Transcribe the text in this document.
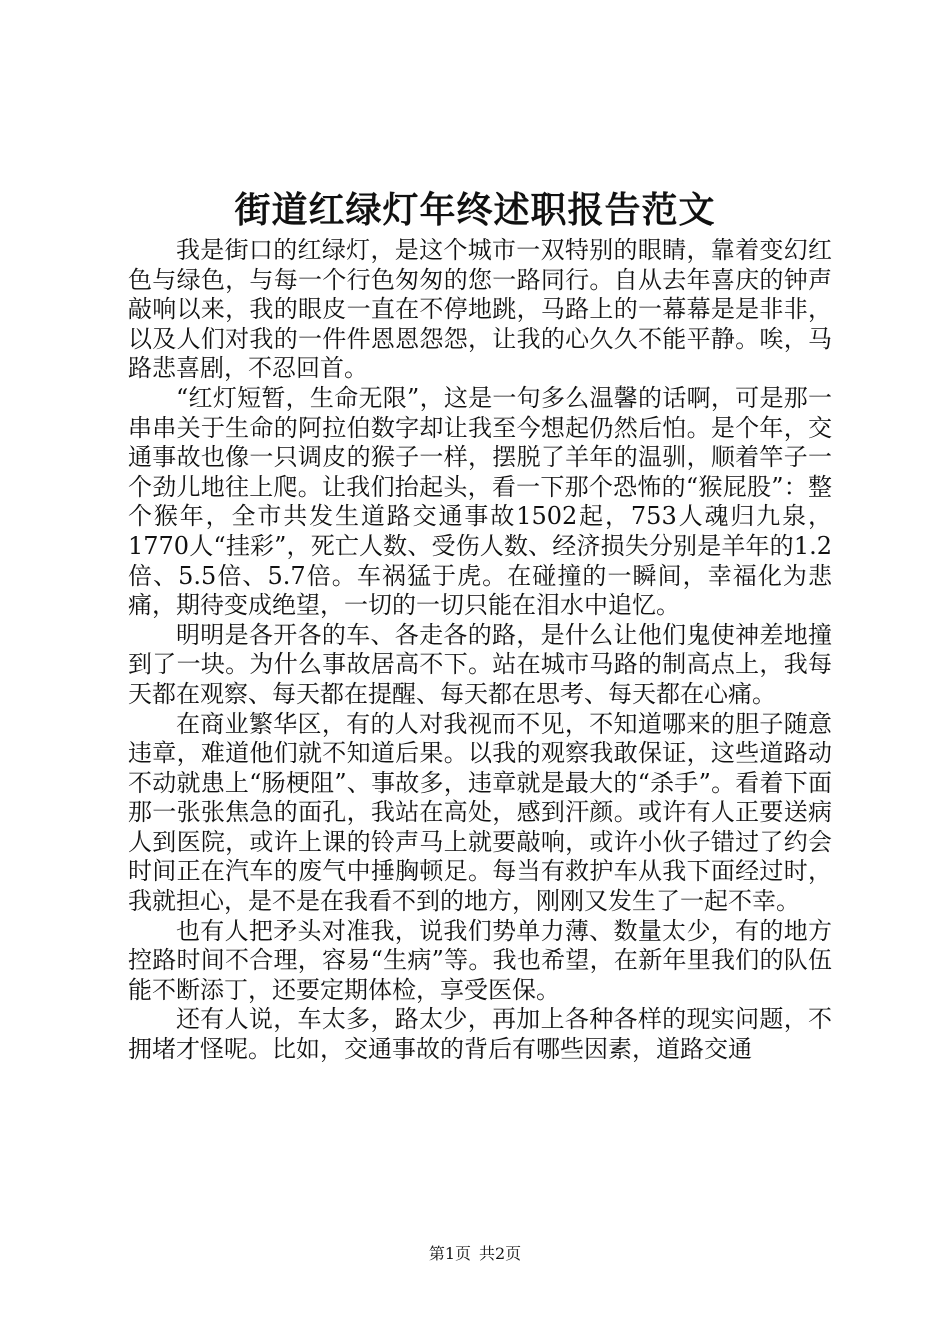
街道红绿灯年终述职报告范文

我是街口的红绿灯，是这个城市一双特别的眼睛，靠着变幻红色与绿色，与每一个行色匆匆的您一路同行。自从去年喜庆的钟声敲响以来，我的眼皮一直在不停地跳，马路上的一幕幕是是非非，以及人们对我的一件件恩恩怨怨，让我的心久久不能平静。唉，马路悲喜剧，不忍回首。

“红灯短暂，生命无限”，这是一句多么温馨的话啊，可是那一串串关于生命的阿拉伯数字却让我至今想起仍然后怕。是个年，交通事故也像一只调皮的猴子一样，摆脱了羊年的温驯，顺着竿子一个劲儿地往上爬。让我们抬起头，看一下那个恐怖的“猴屁股”：整个猴年，全市共发生道路交通事故1502起，753人魂归九泉，1770人“挂彩”，死亡人数、受伤人数、经济损失分别是羊年的1.2倍、5.5倍、5.7倍。车祸猛于虎。在碰撞的一瞬间，幸福化为悲痛，期待变成绝望，一切的一切只能在泪水中追忆。

明明是各开各的车、各走各的路，是什么让他们鬼使神差地撞到了一块。为什么事故居高不下。站在城市马路的制高点上，我每天都在观察、每天都在提醒、每天都在思考、每天都在心痛。

在商业繁华区，有的人对我视而不见，不知道哪来的胆子随意违章，难道他们就不知道后果。以我的观察我敢保证，这些道路动不动就患上“肠梗阻”、事故多，违章就是最大的“杀手”。看着下面那一张张焦急的面孔，我站在高处，感到汗颜。或许有人正要送病人到医院，或许上课的铃声马上就要敲响，或许小伙子错过了约会时间正在汽车的废气中捶胸顿足。每当有救护车从我下面经过时，我就担心，是不是在我看不到的地方，刚刚又发生了一起不幸。

也有人把矛头对准我，说我们势单力薄、数量太少，有的地方控路时间不合理，容易“生病”等。我也希望，在新年里我们的队伍能不断添丁，还要定期体检，享受医保。

还有人说，车太多，路太少，再加上各种各样的现实问题，不拥堵才怪呢。比如，交通事故的背后有哪些因素，道路交通

第1页 共2页
